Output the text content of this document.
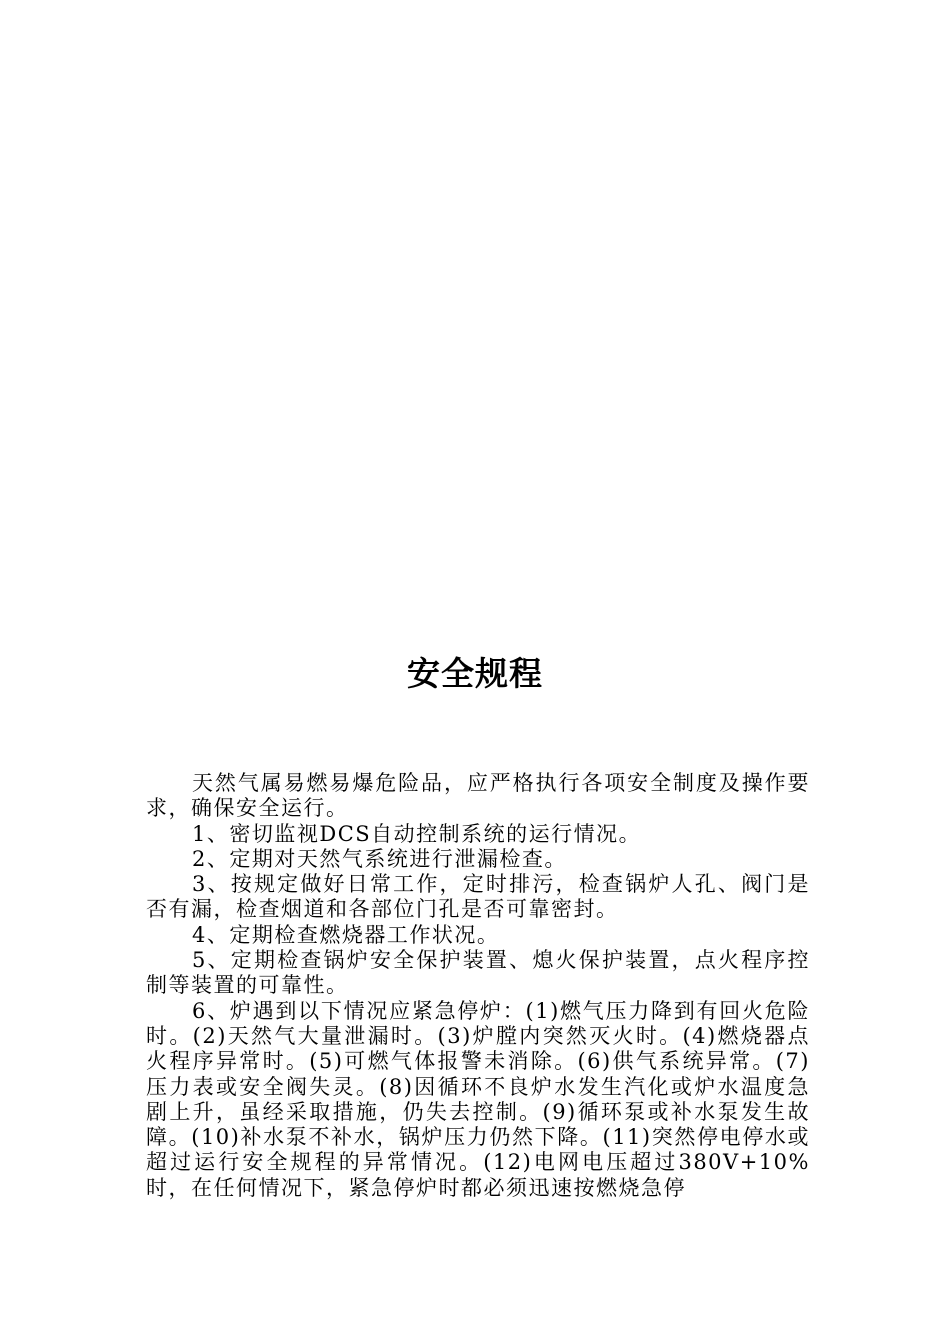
安全规程

天然气属易燃易爆危险品，应严格执行各项安全制度及操作要求，确保安全运行。

1、密切监视DCS自动控制系统的运行情况。

2、定期对天然气系统进行泄漏检查。

3、按规定做好日常工作，定时排污，检查锅炉人孔、阀门是否有漏，检查烟道和各部位门孔是否可靠密封。

4、定期检查燃烧器工作状况。

5、定期检查锅炉安全保护装置、熄火保护装置，点火程序控制等装置的可靠性。

6、炉遇到以下情况应紧急停炉：(1)燃气压力降到有回火危险时。(2)天然气大量泄漏时。(3)炉膛内突然灭火时。(4)燃烧器点火程序异常时。(5)可燃气体报警未消除。(6)供气系统异常。(7)压力表或安全阀失灵。(8)因循环不良炉水发生汽化或炉水温度急剧上升，虽经采取措施，仍失去控制。(9)循环泵或补水泵发生故障。(10)补水泵不补水，锅炉压力仍然下降。(11)突然停电停水或超过运行安全规程的异常情况。(12)电网电压超过380V+10%时，在任何情况下，紧急停炉时都必须迅速按燃烧急停
